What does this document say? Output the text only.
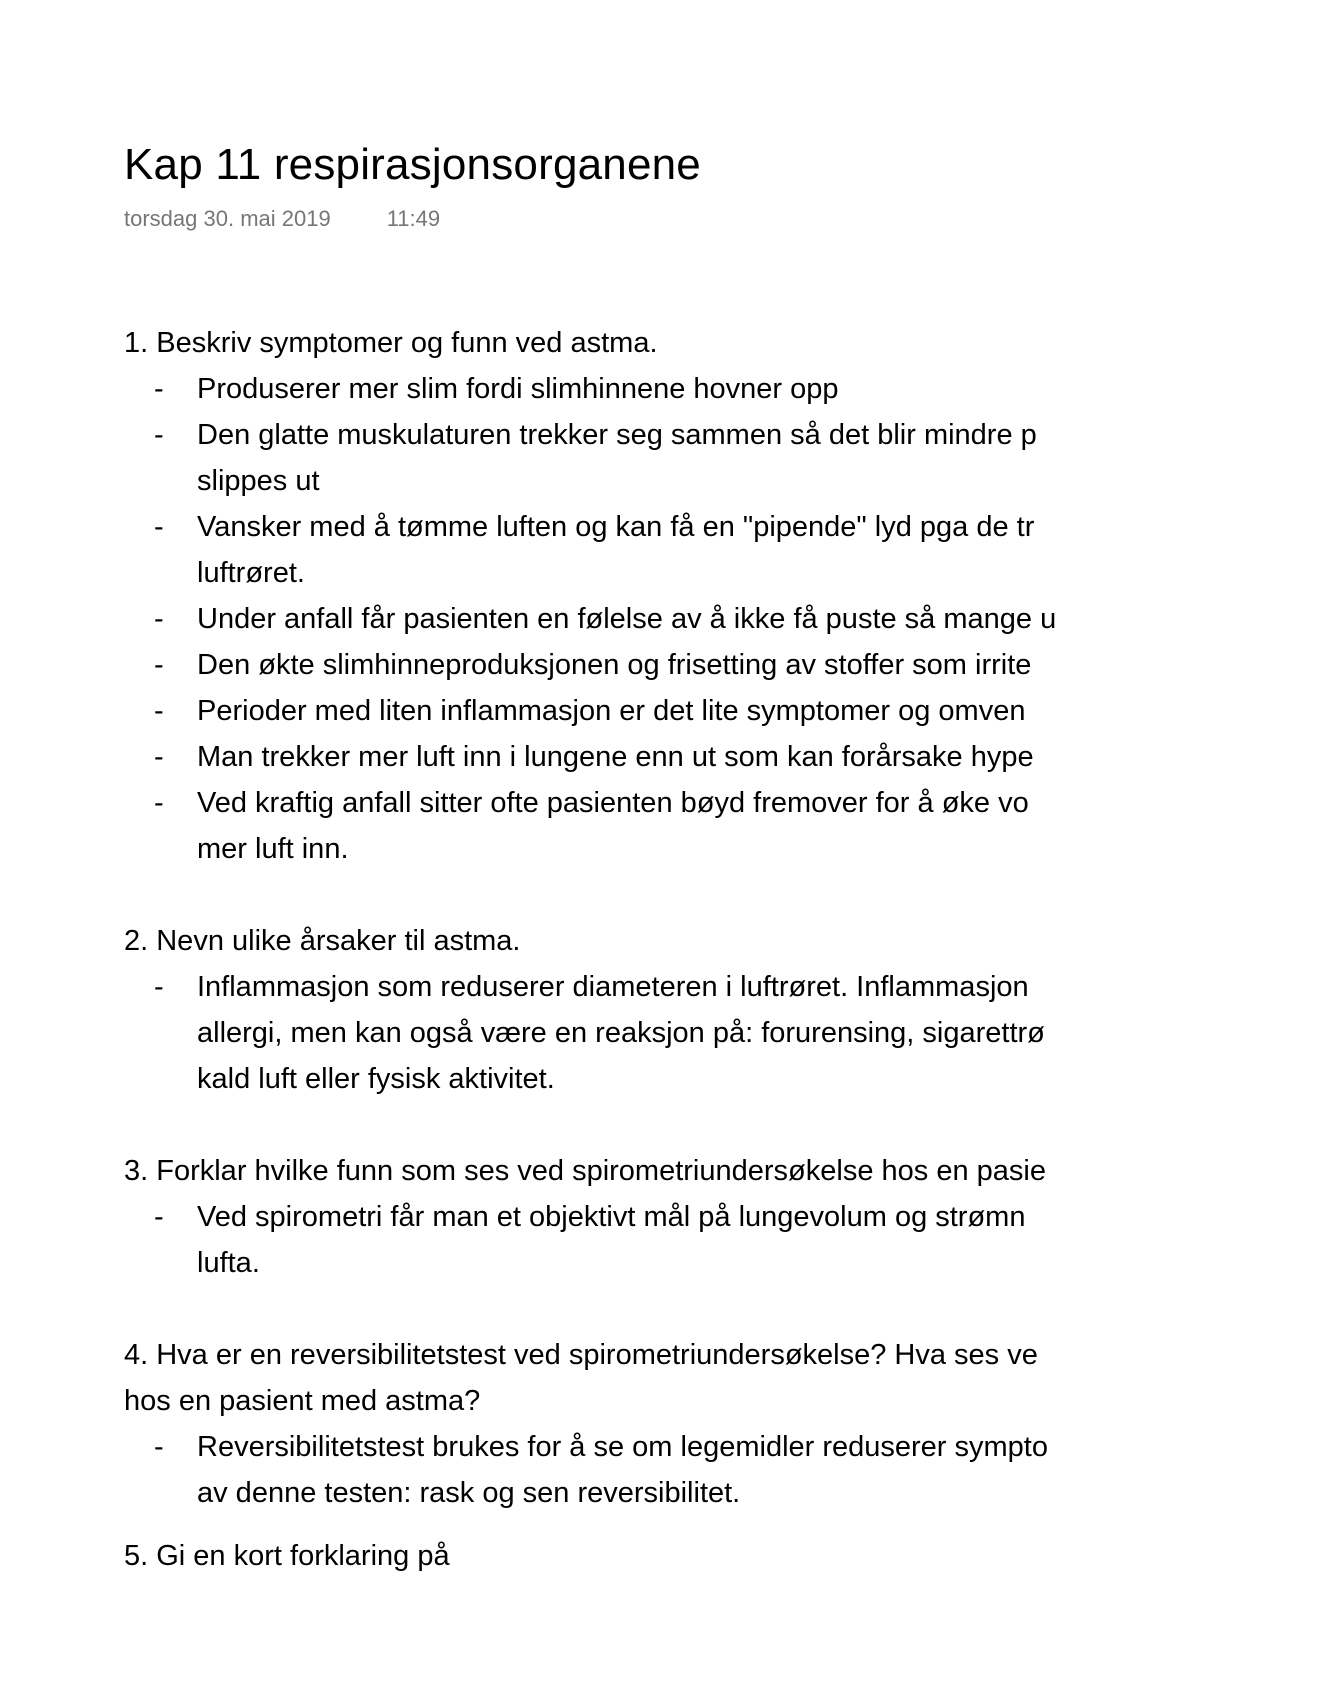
Kap 11 respirasjonsorganene
torsdag 30. mai 2019	11:49

1. Beskriv symptomer og funn ved astma.

- Produserer mer slim fordi slimhinnene hovner opp
- Den glatte muskulaturen trekker seg sammen så det blir mindre p
slippes ut
- Vansker med å tømme luften og kan få en "pipende" lyd pga de tr
luftrøret.
- Under anfall får pasienten en følelse av å ikke få puste så mange u
- Den økte slimhinneproduksjonen og frisetting av stoffer som irrite
- Perioder med liten inflammasjon er det lite symptomer og omven
- Man trekker mer luft inn i lungene enn ut som kan forårsake hype
- Ved kraftig anfall sitter ofte pasienten bøyd fremover for å øke vo
mer luft inn.

2. Nevn ulike årsaker til astma.

- Inflammasjon som reduserer diameteren i luftrøret. Inflammasjon
allergi, men kan også være en reaksjon på: forurensing, sigarettrø
kald luft eller fysisk aktivitet.

3. Forklar hvilke funn som ses ved spirometriundersøkelse hos en pasie

- Ved spirometri får man et objektivt mål på lungevolum og strømn
lufta.

4. Hva er en reversibilitetstest ved spirometriundersøkelse? Hva ses ve

hos en pasient med astma?

- Reversibilitetstest brukes for å se om legemidler reduserer sympto
av denne testen: rask og sen reversibilitet.
5. Gi en kort forklaring på
